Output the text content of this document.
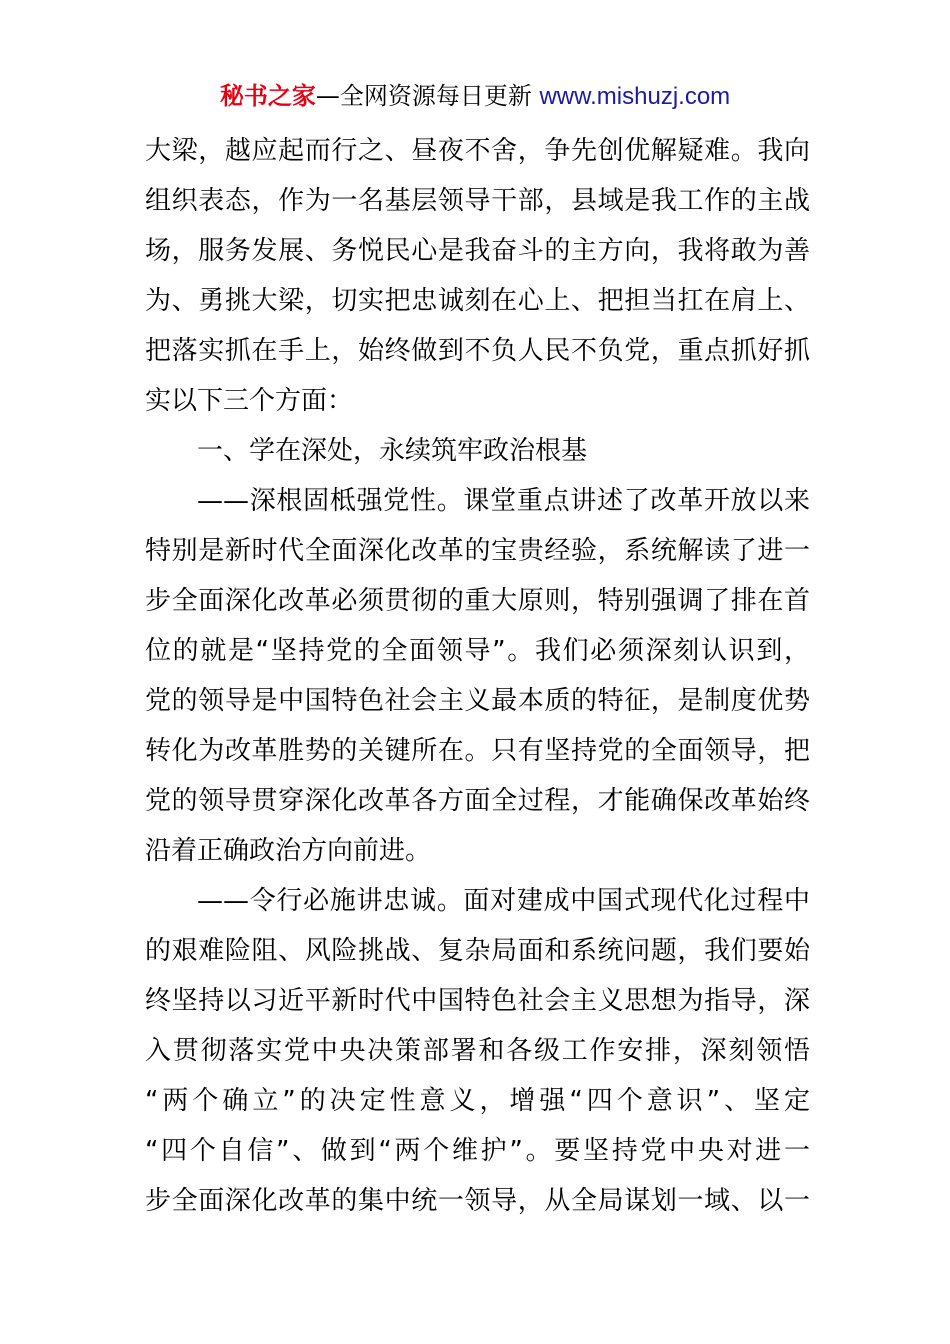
秘书之家—全网资源每日更新 www.mishuzj.com
大梁，越应起而行之、昼夜不舍，争先创优解疑难。我向
组织表态，作为一名基层领导干部，县域是我工作的主战
场，服务发展、务悦民心是我奋斗的主方向，我将敢为善
为、勇挑大梁，切实把忠诚刻在心上、把担当扛在肩上、
把落实抓在手上，始终做到不负人民不负党，重点抓好抓
实以下三个方面：
一、学在深处，永续筑牢政治根基
——深根固柢强党性。课堂重点讲述了改革开放以来
特别是新时代全面深化改革的宝贵经验，系统解读了进一
步全面深化改革必须贯彻的重大原则，特别强调了排在首
位的就是“坚持党的全面领导”。我们必须深刻认识到，
党的领导是中国特色社会主义最本质的特征，是制度优势
转化为改革胜势的关键所在。只有坚持党的全面领导，把
党的领导贯穿深化改革各方面全过程，才能确保改革始终
沿着正确政治方向前进。
——令行必施讲忠诚。面对建成中国式现代化过程中
的艰难险阻、风险挑战、复杂局面和系统问题，我们要始
终坚持以习近平新时代中国特色社会主义思想为指导，深
入贯彻落实党中央决策部署和各级工作安排，深刻领悟
“两个确立”的决定性意义，增强“四个意识”、坚定
“四个自信”、做到“两个维护”。要坚持党中央对进一
步全面深化改革的集中统一领导，从全局谋划一域、以一
